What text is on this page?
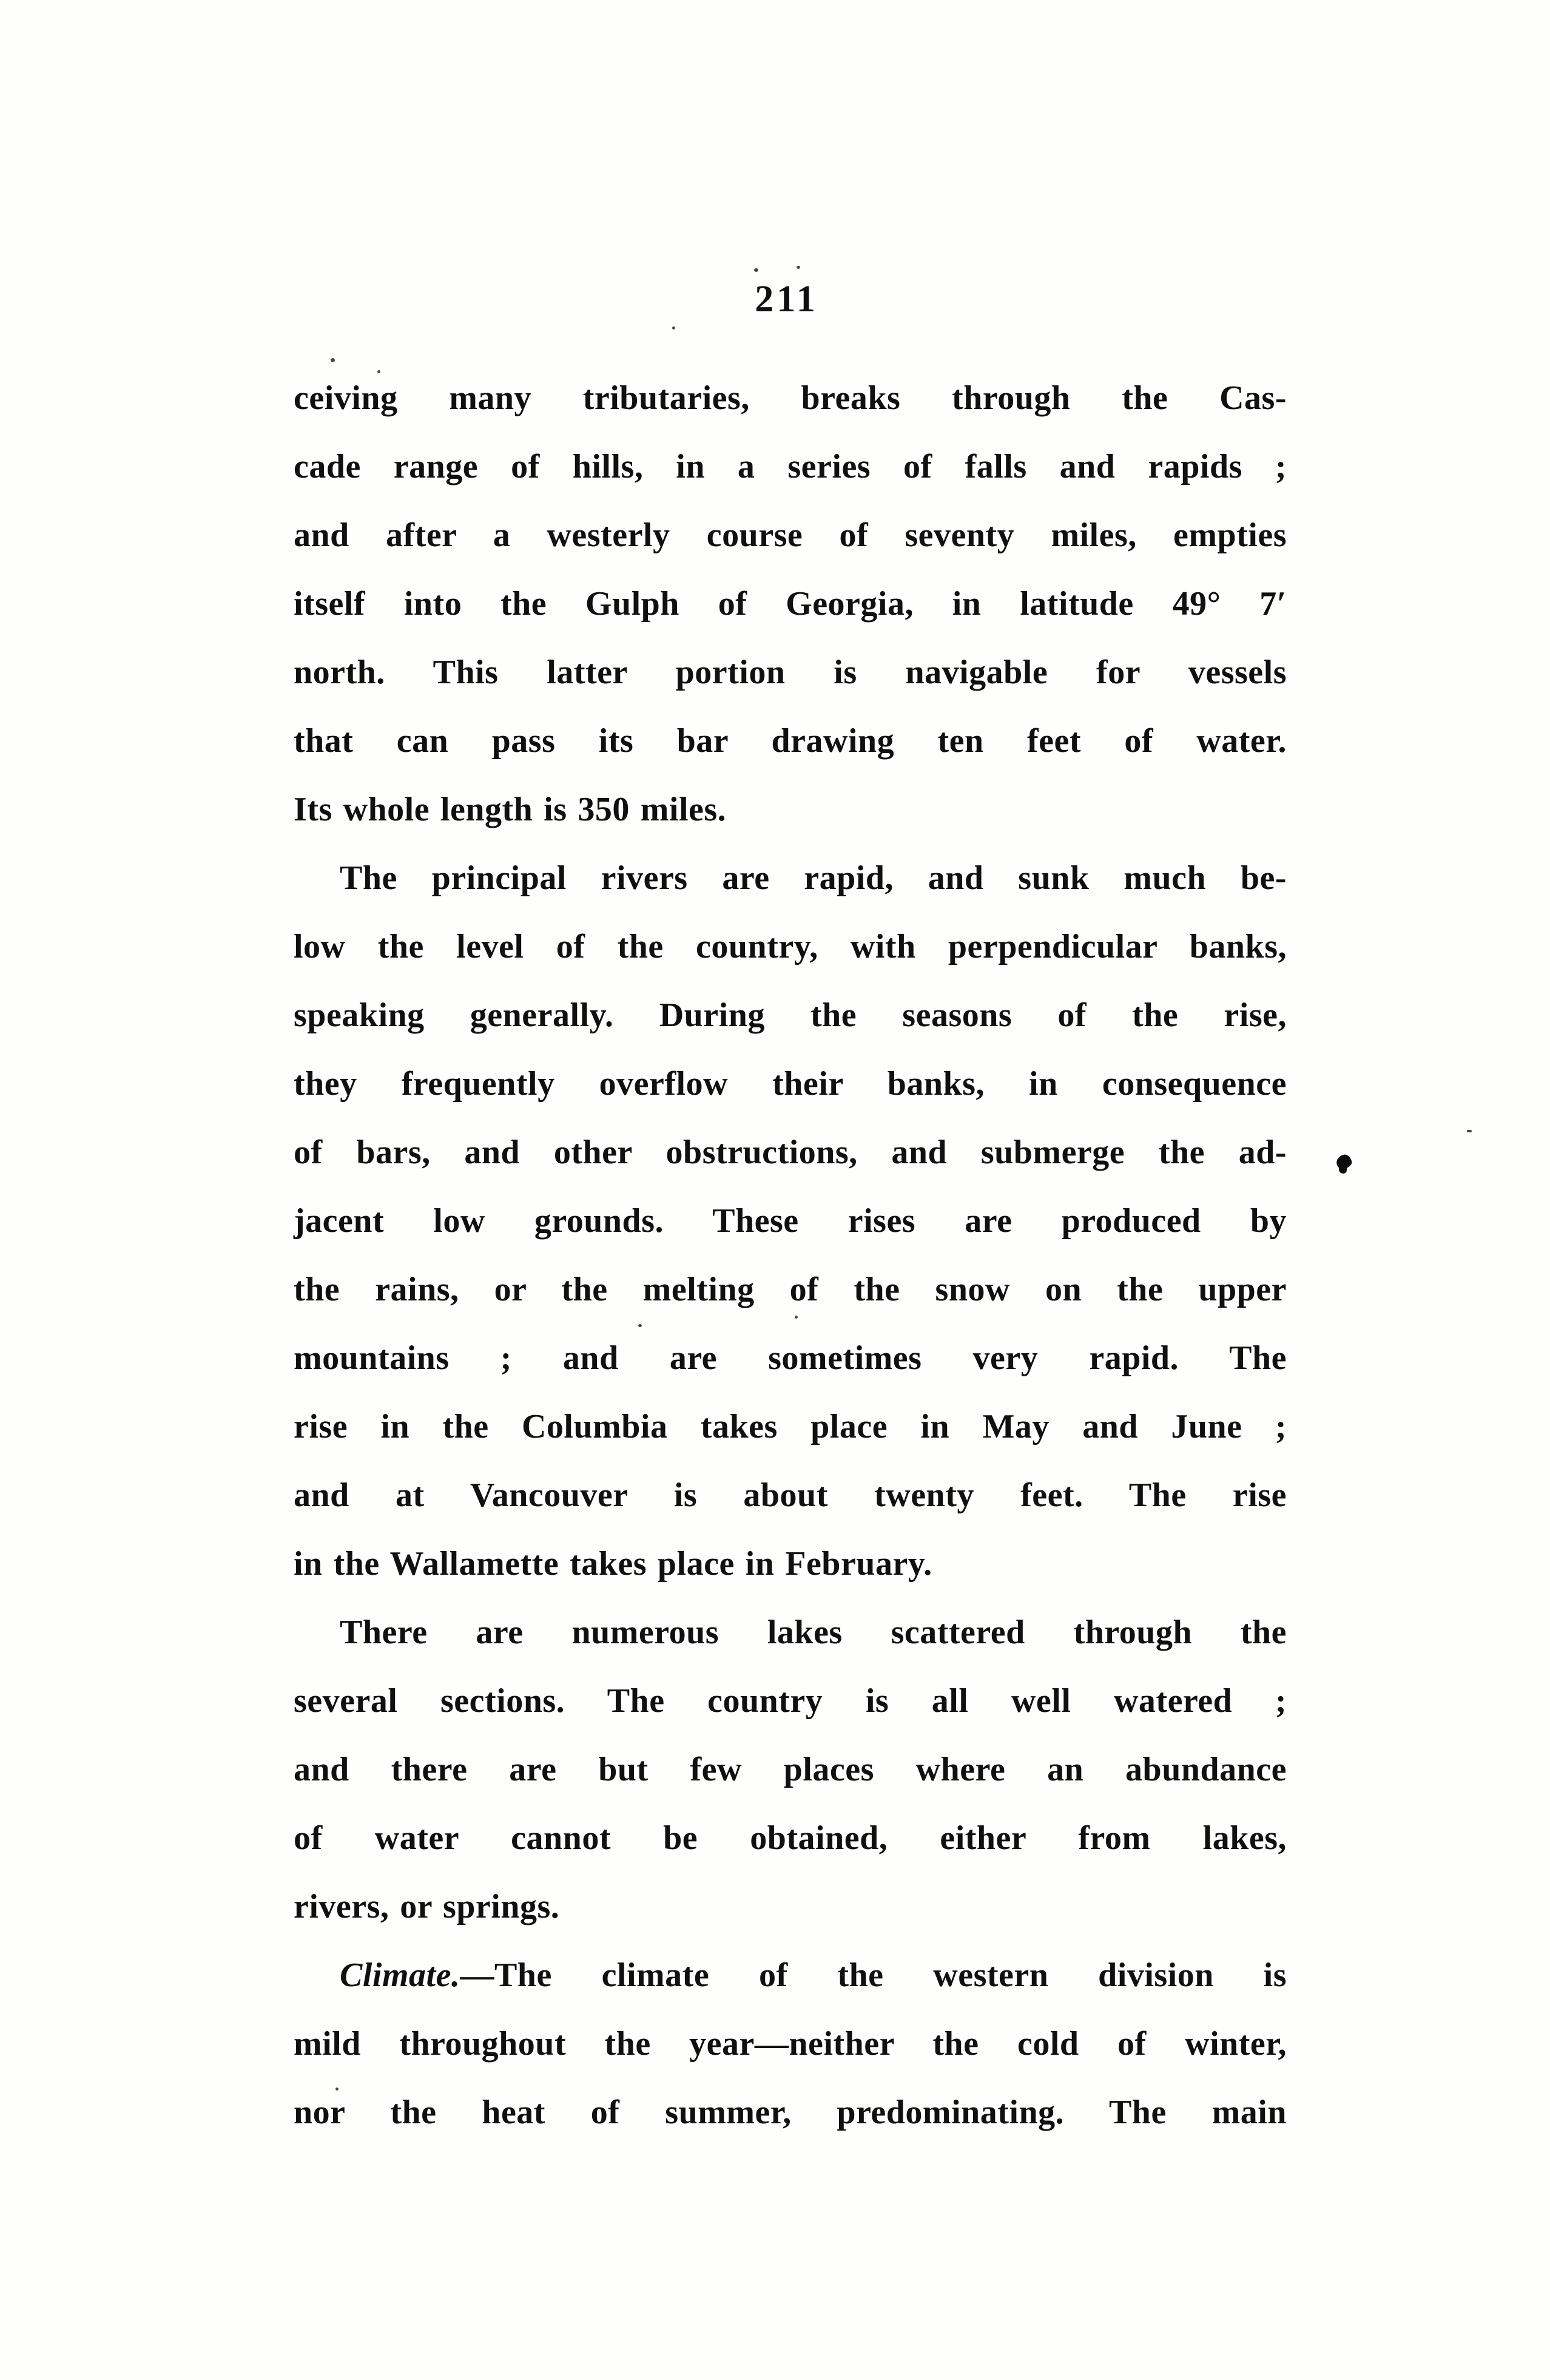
211
ceiving many tributaries, breaks through the Cas-
cade range of hills, in a series of falls and rapids ;
and after a westerly course of seventy miles, empties
itself into the Gulph of Georgia, in latitude 49° 7′
north. This latter portion is navigable for vessels
that can pass its bar drawing ten feet of water.
Its whole length is 350 miles.
The principal rivers are rapid, and sunk much be-
low the level of the country, with perpendicular banks,
speaking generally. During the seasons of the rise,
they frequently overflow their banks, in consequence
of bars, and other obstructions, and submerge the ad-
jacent low grounds. These rises are produced by
the rains, or the melting of the snow on the upper
mountains ; and are sometimes very rapid. The
rise in the Columbia takes place in May and June ;
and at Vancouver is about twenty feet. The rise
in the Wallamette takes place in February.
There are numerous lakes scattered through the
several sections. The country is all well watered ;
and there are but few places where an abundance
of water cannot be obtained, either from lakes,
rivers, or springs.
Climate.—The climate of the western division is
mild throughout the year—neither the cold of winter,
nor the heat of summer, predominating. The main
